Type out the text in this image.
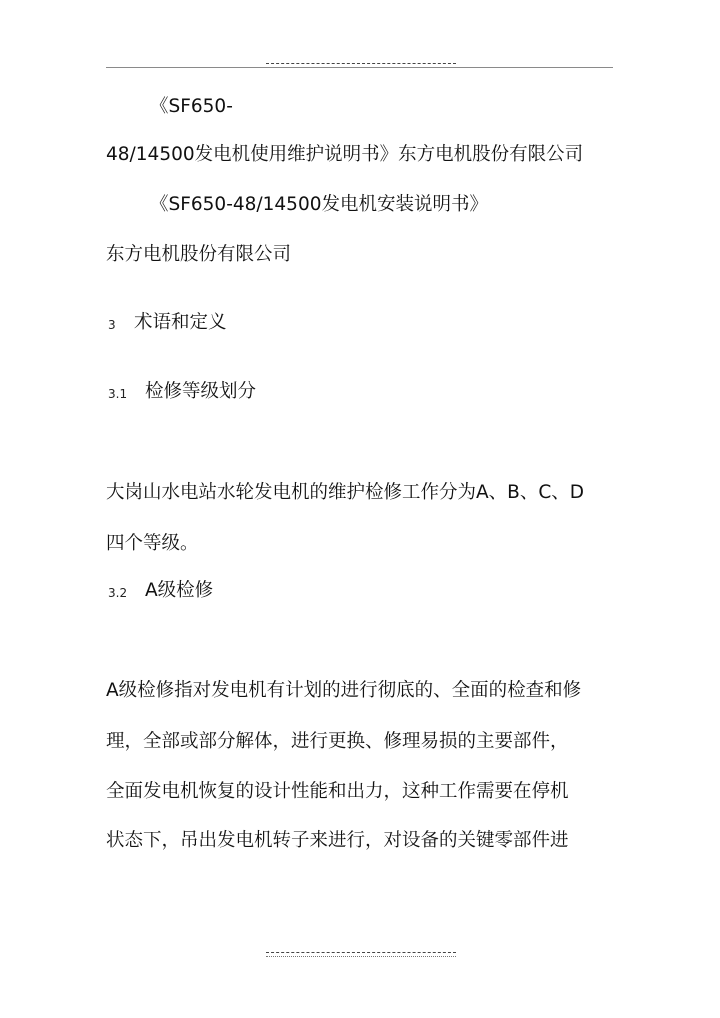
《SF650-
48/14500发电机使用维护说明书》东方电机股份有限公司
《SF650-48/14500发电机安装说明书》
东方电机股份有限公司
3 术语和定义
3.1 检修等级划分
大岗山水电站水轮发电机的维护检修工作分为A、B、C、D
四个等级。
3.2 A级检修
A级检修指对发电机有计划的进行彻底的、全面的检查和修
理，全部或部分解体，进行更换、修理易损的主要部件，
全面发电机恢复的设计性能和出力，这种工作需要在停机
状态下，吊出发电机转子来进行，对设备的关键零部件进
